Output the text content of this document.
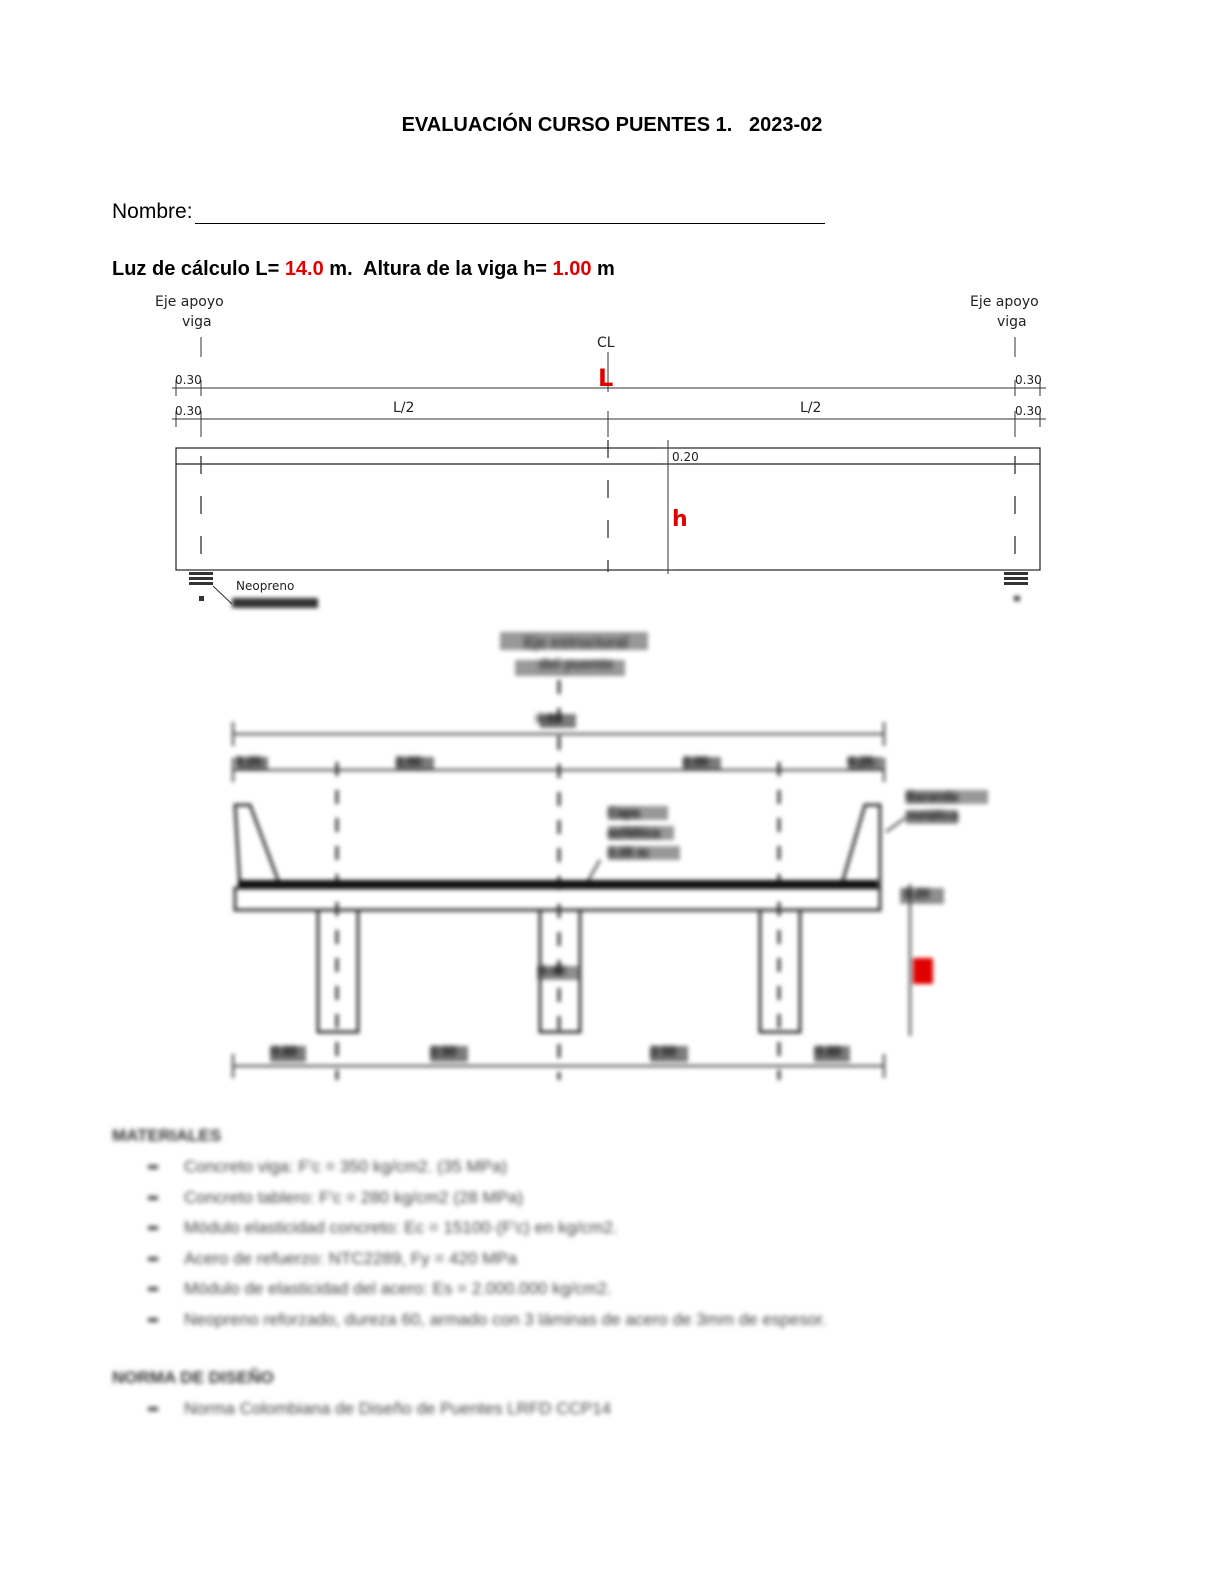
EVALUACIÓN CURSO PUENTES 1.   2023-02
Nombre:
Luz de cálculo L= 14.0 m.  Altura de la viga h= 1.00 m
Eje apoyo
viga
Eje apoyo
viga
CL
L
0.30	0.30
0.30	0.30
L/2	L/2
0.20
h
Neopreno
MATERIALES
Concreto viga: F'c = 350 kg/cm2. (35 MPa)
Concreto tablero: F'c = 280 kg/cm2 (28 MPa)
Módulo elasticidad concreto: Ec = 15100·(F'c) en kg/cm2.
Acero de refuerzo: NTC2289, Fy = 420 MPa
Módulo de elasticidad del acero: Es = 2.000.000 kg/cm2.
Neopreno reforzado, dureza 60, armado con 3 láminas de acero de 3mm de espesor.
NORMA DE DISEÑO
Norma Colombiana de Diseño de Puentes LRFD CCP14
Eje estructural
del puente
6.60
0.25	2.00	2.00	0.25
Baranda
metálica
Capa
asfáltica
0.05 m
0.20
0.40
0.80	2.50	2.50	0.80
